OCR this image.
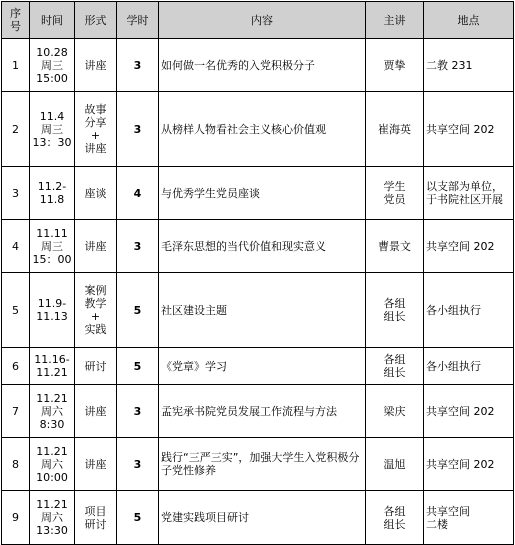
序
号	时间	形式	学时	内容	主讲	地点
1	10.28
周三
15:00	讲座	3	如何做一名优秀的入党积极分子	贾挚	二教 231
2	11.4
周三
13：30	故事
分享
+
讲座	3	从榜样人物看社会主义核心价值观	崔海英	共享空间 202
3	11.2-
11.8	座谈	4	与优秀学生党员座谈	学生
党员	以支部为单位，于书院社区开展
4	11.11
周三
15：00	讲座	3	毛泽东思想的当代价值和现实意义	曹景文	共享空间 202
5	11.9-
11.13	案例
教学
+
实践	5	社区建设主题	各组
组长	各小组执行
6	11.16-
11.21	研讨	5	《党章》学习	各组
组长	各小组执行
7	11.21
周六
8:30	讲座	3	孟宪承书院党员发展工作流程与方法	梁庆	共享空间 202
8	11.21
周六
10:00	讲座	3	践行“三严三实”，加强大学生入党积极分子党性修养	温旭	共享空间 202
9	11.21
周六
13:30	项目
研讨	5	党建实践项目研讨	各组
组长	共享空间
二楼
